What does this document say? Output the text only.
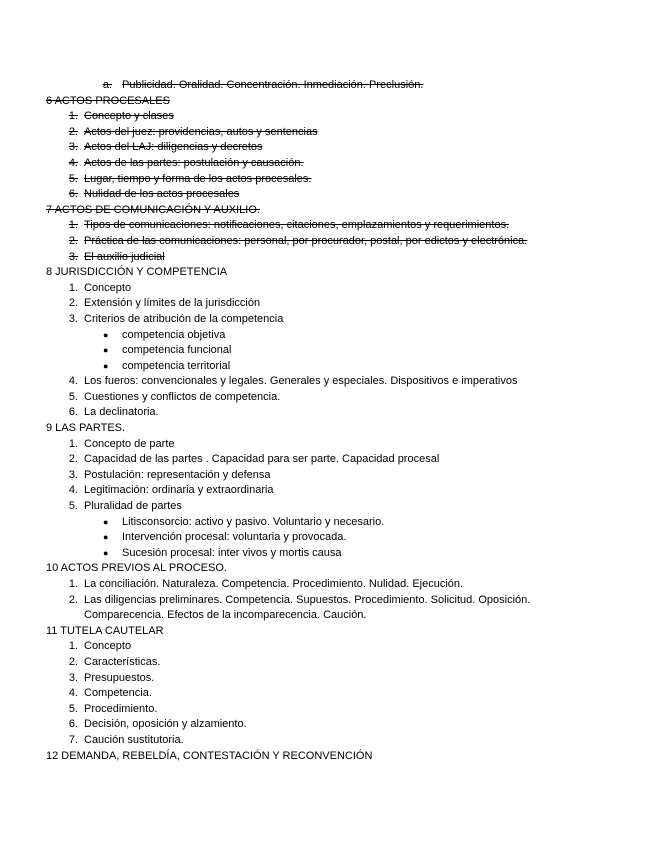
a. Publicidad. Oralidad. Concentración. Inmediación. Preclusión.
6 ACTOS PROCESALES
1. Concepto y clases
2. Actos del juez: providencias, autos y sentencias
3. Actos del LAJ: diligencias y decretos
4. Actos de las partes: postulación y causación.
5. Lugar, tiempo y forma de los actos procesales.
6. Nulidad de los actos procesales
7 ACTOS DE COMUNICACIÓN Y AUXILIO.
1. Tipos de comunicaciones: notificaciones, citaciones, emplazamientos y requerimientos.
2. Práctica de las comunicaciones: personal, por procurador, postal, por edictos y electrónica.
3. El auxilio judicial
8 JURISDICCIÓN Y COMPETENCIA
1. Concepto
2. Extensión y límites de la jurisdicción
3. Criterios de atribución de la competencia
● competencia objetiva
● competencia funcional
● competencia territorial
4. Los fueros: convencionales y legales. Generales y especiales. Dispositivos e imperativos
5. Cuestiones y conflictos de competencia.
6. La declinatoria.
9 LAS PARTES.
1. Concepto de parte
2. Capacidad de las partes . Capacidad para ser parte. Capacidad procesal
3. Postulación: representación y defensa
4. Legitimación: ordinaria y extraordinaria
5. Pluralidad de partes
● Litisconsorcio: activo y pasivo. Voluntario y necesario.
● Intervención procesal: voluntaria y provocada.
● Sucesión procesal: inter vivos y mortis causa
10 ACTOS PREVIOS AL PROCESO.
1. La conciliación. Naturaleza. Competencia. Procedimiento. Nulidad. Ejecución.
2. Las diligencias preliminares. Competencia. Supuestos. Procedimiento. Solicitud. Oposición.
Comparecencia. Efectos de la incomparecencia. Caución.
11 TUTELA CAUTELAR
1. Concepto
2. Características.
3. Presupuestos.
4. Competencia.
5. Procedimiento.
6. Decisión, oposición y alzamiento.
7. Caución sustitutoria.
12 DEMANDA, REBELDÍA, CONTESTACIÓN Y RECONVENCIÓN
